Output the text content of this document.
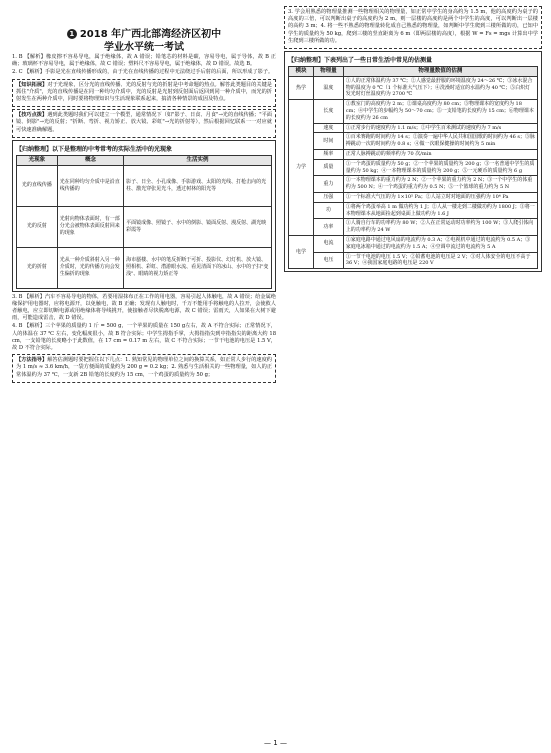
1 2018 年广西北部湾经济区初中
学业水平统一考试

1. B 【解析】橡皮擦不容易导电，属于绝缘体，故 A 错误；铅笔芯的材料是碳，容易导电，属于导体，故 B 正确；玻璃杯不容易导电，属于绝缘体，故 C 错误；塑料尺不容易导电，属于绝缘体，故 D 错误。故选 B。

2. C 【解析】手影是光在直线传播形成的，由于光在直线传播的过程中无法绕过手后射的后面，所以形成了影子。

【知识拓展】对于光现象，区分光的直线传播、光的反射与光的折射是中考命题的热点。解答此类题目的关键是抓住"介质"，光的直线传播是在同一种均匀介质中，光的反射是光射到反射面后返回到同一种介质中，而光的折射发生在两种介质中，同时要将物理知识与生活现象联系起来，搞清各种情景的成因及特点。

【技巧点拨】遇到此类题时我们可以建立一个模型，通常情况下（如"影子、日食、月食"→光的直线传播；"平面镜、倒影"→光的反射；"折断、弯折、视力矫正、放大镜、彩虹"→光的折射等），然后根据回忆联系一一对应就可快速准确解题。

【归纳整理】以下是整理的中考常考的实际生活中的光现象
光现象	概念	生活实例
光的直线传播	光在同种均匀介质中是沿直线传播的	影子、日全、小孔成像、手影游戏、太阳的光线、打枪击向的光柱、激光穿张见光斗，透过树林的阳光等
光的反射	光射向物体表面时，有一部分光会被物体表面反射回来的现象	平面镜成像、照镜子、水中的倒影、镜面反射、漫反射、湖光映彩霞等
光的折射	光从一种介质斜射入另一种介质时，光的传播方向会发生偏折的现象	海市蜃楼、水中的笔反折断于可折、投影仪、幻灯机、放大镜、照相机、彩虹、潜游眼水流、看见清面下的冰山、水中的子扫"变浅"、眼睛的视力矫正等

3. B 【解析】汽车不容易导电的物体，若要用湿抹布正在工作的用电器，容易引起人体触电，故 A 错误；给金属绝缘保护用电器时，应将电源开，以免触电，故 B 正确；发现有人触电时，千万不能用手将触电的人拉开，会使救人者触电，应立即切断电源或用绝缘体将导线挑开，使接触者尽快脱离电源，故 C 错误；雷雨天，人如果在大树下避雨，可能造成雷击，故 D 错误。

4. B 【解析】三个苹果的质量约 1 斤 = 500 g，一个苹果的质量在 150 g左右，故 A 不符合实际；正常情况下，人的体温在 37 ℃ 左右，变化幅度很小，故 B 符合实际；中学生拇指手掌，大拇指指尖到中指指尖的距离大约 18 cm，一支铅笔的长度略小于此数值，在 17 cm = 0.17 m 左右，故 C 不符合实际；一节干电池的电压是 1.5 V，故 D 不符合实际。

【方法指导】解答估测题时要把握住以下几点：1. 熟知常见的物理单位之间的换算关系，如正常人步行的速度约为 1 m/s ≈ 3.6 km/h，一袋方便面的质量约为 200 g = 0.2 kg；2. 熟悉与生活相关的一些物理量，如人的正常体温约为 37 ℃，一支新 2B 铅笔的长度约为 15 cm，一个鸡蛋的质量约为 50 g；

3. 学会用熟悉的物理量推测一些物理相关的物理量，如正常中学生的身高约为 1.5 m，他的高度约为桌子的高度的三倍，可以判断出桌子的高度约为 2 m，则一层楼的高度约是两个中学生的高度，可以判断出一层楼的高约 3 m；4. 将一些不熟悉的物理量转化成自己熟悉的物理量，如判断中学生爬到三楼所做的功，已知中学生的质量约为 50 kg，爬到三楼的竖直距离为 6 m（即两层楼的高度），根据 W = Fs = mgs 计算出中学生爬到三楼所做的功。

【归纳整理】下表列出了一些日常生活中常见的估测量
模块	物理量	物理量数值的估测
热学	温度	①人的正常体温约为 37 ℃；②人感觉最舒服的环境温度为 24～26 ℃；③冰水混合物的温度为 0 ℃（1 个标准大气压下）；④洗澡时适宜的水温约为 40 ℃；⑤白炽灯发光时灯丝温度约为 2700 ℃
力学	长度	①教室门的高度约为 2 m；②课桌高度约为 80 cm；③物理课本的宽度约为 18 cm；④中学生的步幅约为 50～70 cm；⑤一支铅笔的长度约为 15 cm；⑥物理课本的长度约为 26 cm
	速度	①正常步行的速度约为 1.1 m/s；②中学生百米测试的速度约为 7 m/s
	时间	①百米赛跑的时间约为 14 s；②演奏一遍中华人民共和国国歌的时间约为 46 s；③脉搏跳动一次的时间约为 0.8 s；④做一次眼保健操的时间约为 5 min
	频率	正常人脉搏跳动的频率约为 70 次/min
	质量	①一个鸡蛋的质量约为 50 g；②一个苹果的质量约为 200 g；③一名普通中学生的质量约为 50 kg；④一本物理课本的质量约为 200 g；⑤一元硬币的质量约为 6 g
	重力	①一本物理课本的重力约为 2 N；②一个苹果的重力约为 2 N；③一个中学生的体重约为 500 N；④一个鸡蛋的重力约为 0.5 N；⑤一个篮球的重力约为 5 N
	压强	①一个标准大气压的为 1×10⁵ Pa；②人站立时对地面的压强约为 10⁴ Pa
	功	①将两个鸡蛋举高 1 m 做功约为 1 J；②人从一楼走到二楼做功约为 1800 J；③将一本物理课本从地面捡起到桌面上做功约为 1.6 J
	功率	①人骑自行车的功率约为 80 W；②人在正常运动时功率约为 100 W；③人爬引体向上的功率约为 24 W
电学	电流	①家庭电路中通过电风扇的电流约为 0.3 A；②电视机中通过的电流约为 0.5 A；③家庭电冰箱中通过的电流约为 1.5 A；④空调中流过的电流约为 5 A
	电压	①一节干电池的电压 1.5 V；②铅蓄电池的电压是 2 V；③对人体安全的电压不高于 36 V；④我国家庭电路的电压是 220 V
— 1 —
